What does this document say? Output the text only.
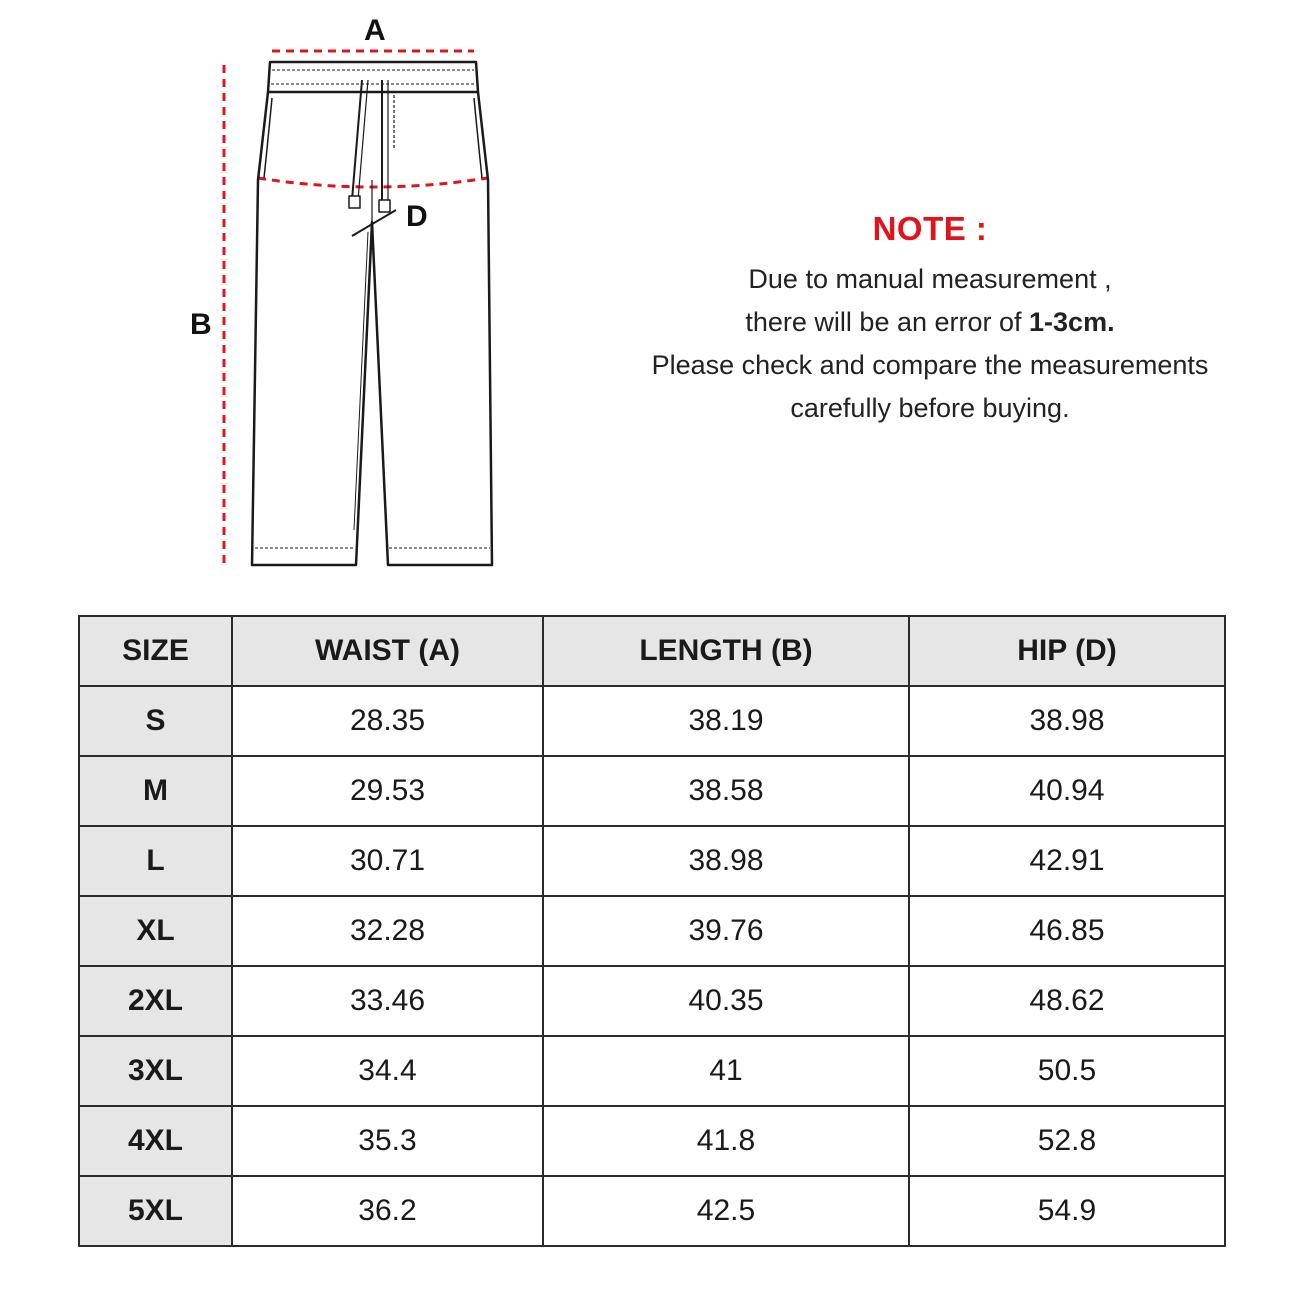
A
B
D	NOTE :
Due to manual measurement ,
there will be an error of 1-3cm.
Please check and compare the measurements
carefully before buying.
SIZE	WAIST (A)	LENGTH (B)	HIP (D)
S	28.35	38.19	38.98
M	29.53	38.58	40.94
L	30.71	38.98	42.91
XL	32.28	39.76	46.85
2XL	33.46	40.35	48.62
3XL	34.4	41	50.5
4XL	35.3	41.8	52.8
5XL	36.2	42.5	54.9
